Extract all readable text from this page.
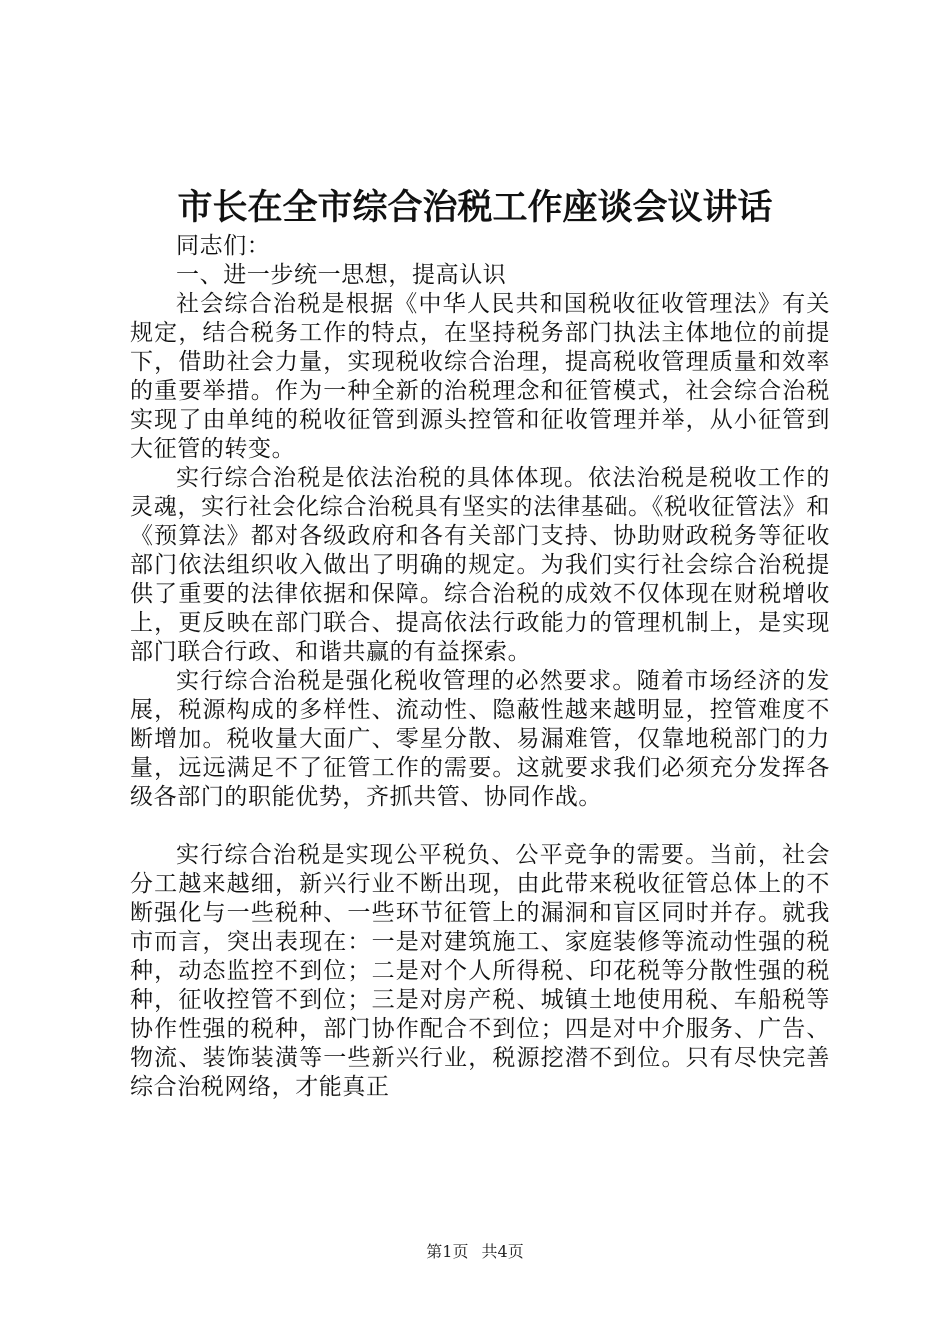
市长在全市综合治税工作座谈会议讲话

同志们：

一、进一步统一思想，提高认识

社会综合治税是根据《中华人民共和国税收征收管理法》有关规定，结合税务工作的特点，在坚持税务部门执法主体地位的前提下，借助社会力量，实现税收综合治理，提高税收管理质量和效率的重要举措。作为一种全新的治税理念和征管模式，社会综合治税实现了由单纯的税收征管到源头控管和征收管理并举，从小征管到大征管的转变。

实行综合治税是依法治税的具体体现。依法治税是税收工作的灵魂，实行社会化综合治税具有坚实的法律基础。《税收征管法》和《预算法》都对各级政府和各有关部门支持、协助财政税务等征收部门依法组织收入做出了明确的规定。为我们实行社会综合治税提供了重要的法律依据和保障。综合治税的成效不仅体现在财税增收上，更反映在部门联合、提高依法行政能力的管理机制上，是实现部门联合行政、和谐共赢的有益探索。

实行综合治税是强化税收管理的必然要求。随着市场经济的发展，税源构成的多样性、流动性、隐蔽性越来越明显，控管难度不断增加。税收量大面广、零星分散、易漏难管，仅靠地税部门的力量，远远满足不了征管工作的需要。这就要求我们必须充分发挥各级各部门的职能优势，齐抓共管、协同作战。

实行综合治税是实现公平税负、公平竞争的需要。当前，社会分工越来越细，新兴行业不断出现，由此带来税收征管总体上的不断强化与一些税种、一些环节征管上的漏洞和盲区同时并存。就我市而言，突出表现在：一是对建筑施工、家庭装修等流动性强的税种，动态监控不到位；二是对个人所得税、印花税等分散性强的税种，征收控管不到位；三是对房产税、城镇土地使用税、车船税等协作性强的税种，部门协作配合不到位；四是对中介服务、广告、物流、装饰装潢等一些新兴行业，税源挖潜不到位。只有尽快完善综合治税网络，才能真正

第1页 共4页
